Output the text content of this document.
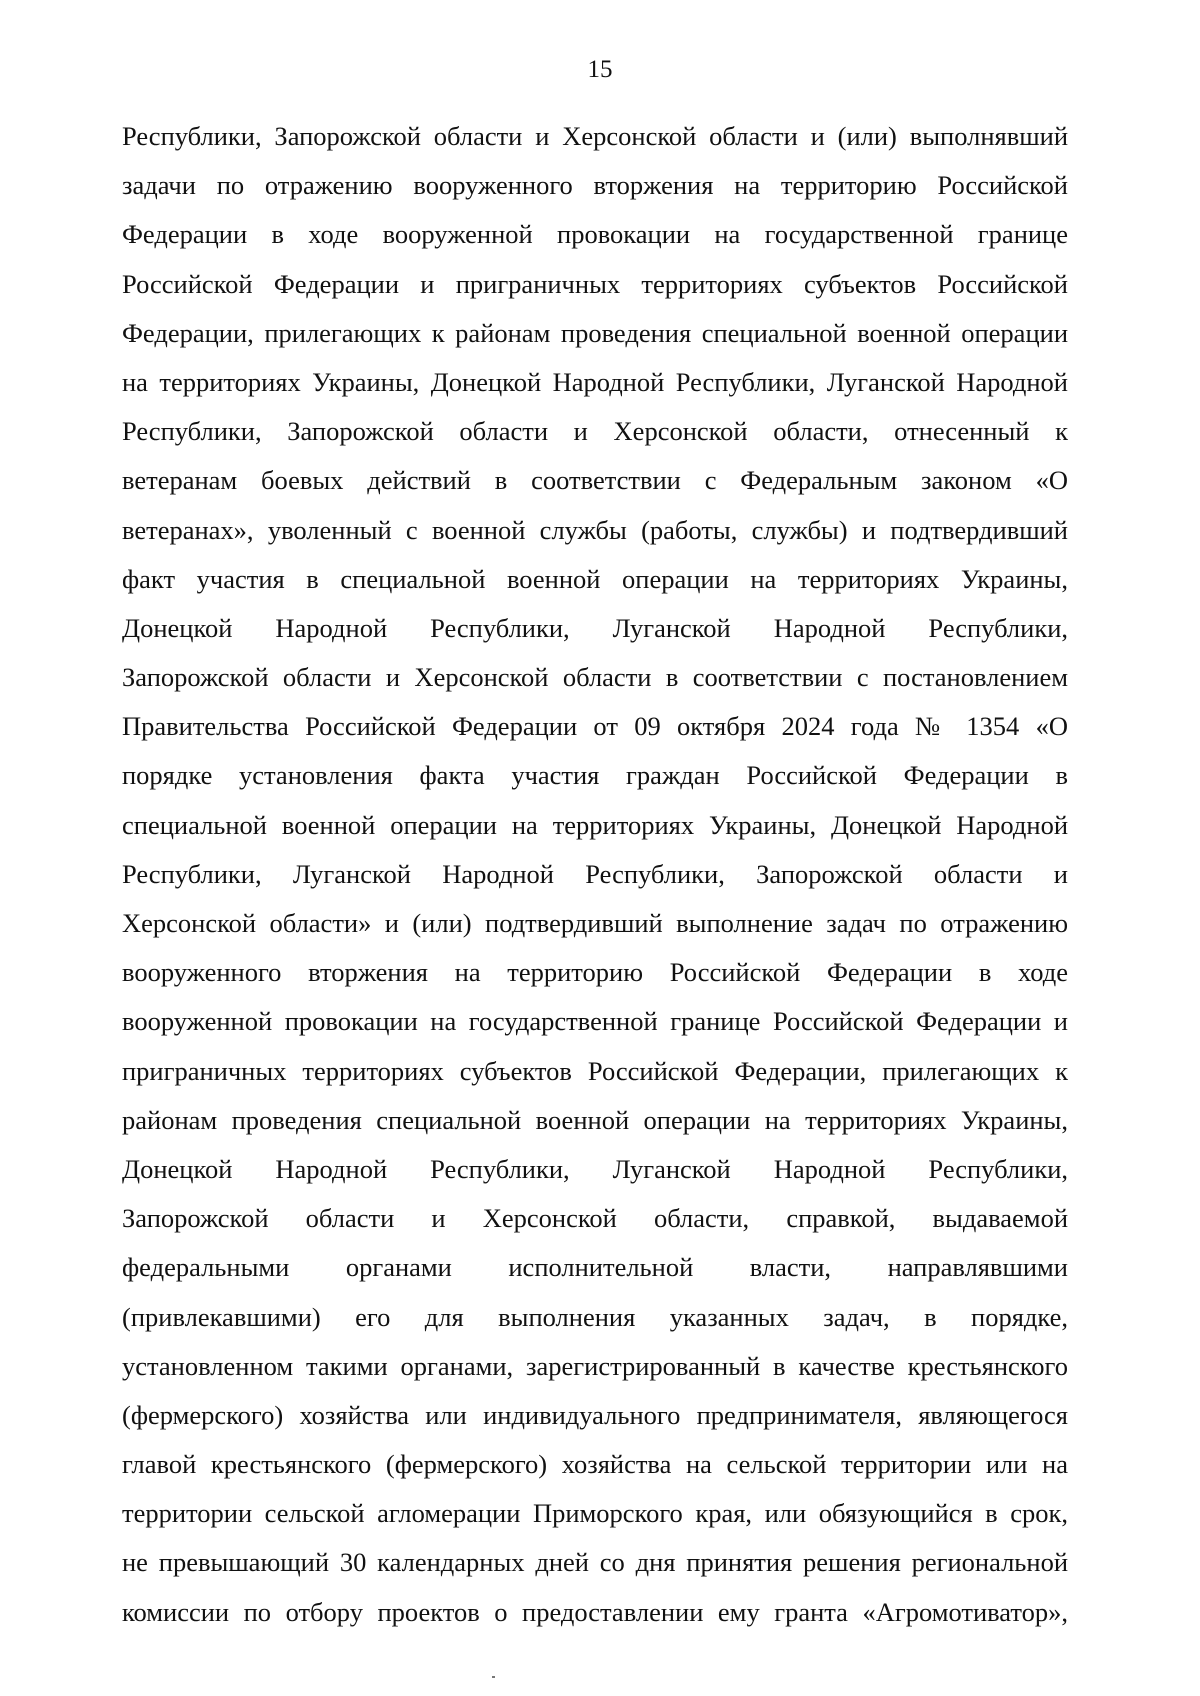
15
Республики, Запорожской области и Херсонской области и (или) выполнявший
задачи по отражению вооруженного вторжения на территорию Российской
Федерации в ходе вооруженной провокации на государственной границе
Российской Федерации и приграничных территориях субъектов Российской
Федерации, прилегающих к районам проведения специальной военной операции
на территориях Украины, Донецкой Народной Республики, Луганской Народной
Республики, Запорожской области и Херсонской области, отнесенный к
ветеранам боевых действий в соответствии с Федеральным законом «О
ветеранах», уволенный с военной службы (работы, службы) и подтвердивший
факт участия в специальной военной операции на территориях Украины,
Донецкой Народной Республики, Луганской Народной Республики,
Запорожской области и Херсонской области в соответствии с постановлением
Правительства Российской Федерации от 09 октября 2024 года № 1354 «О
порядке установления факта участия граждан Российской Федерации в
специальной военной операции на территориях Украины, Донецкой Народной
Республики, Луганской Народной Республики, Запорожской области и
Херсонской области» и (или) подтвердивший выполнение задач по отражению
вооруженного вторжения на территорию Российской Федерации в ходе
вооруженной провокации на государственной границе Российской Федерации и
приграничных территориях субъектов Российской Федерации, прилегающих к
районам проведения специальной военной операции на территориях Украины,
Донецкой Народной Республики, Луганской Народной Республики,
Запорожской области и Херсонской области, справкой, выдаваемой
федеральными органами исполнительной власти, направлявшими
(привлекавшими) его для выполнения указанных задач, в порядке,
установленном такими органами, зарегистрированный в качестве крестьянского
(фермерского) хозяйства или индивидуального предпринимателя, являющегося
главой крестьянского (фермерского) хозяйства на сельской территории или на
территории сельской агломерации Приморского края, или обязующийся в срок,
не превышающий 30 календарных дней со дня принятия решения региональной
комиссии по отбору проектов о предоставлении ему гранта «Агромотиватор»,
